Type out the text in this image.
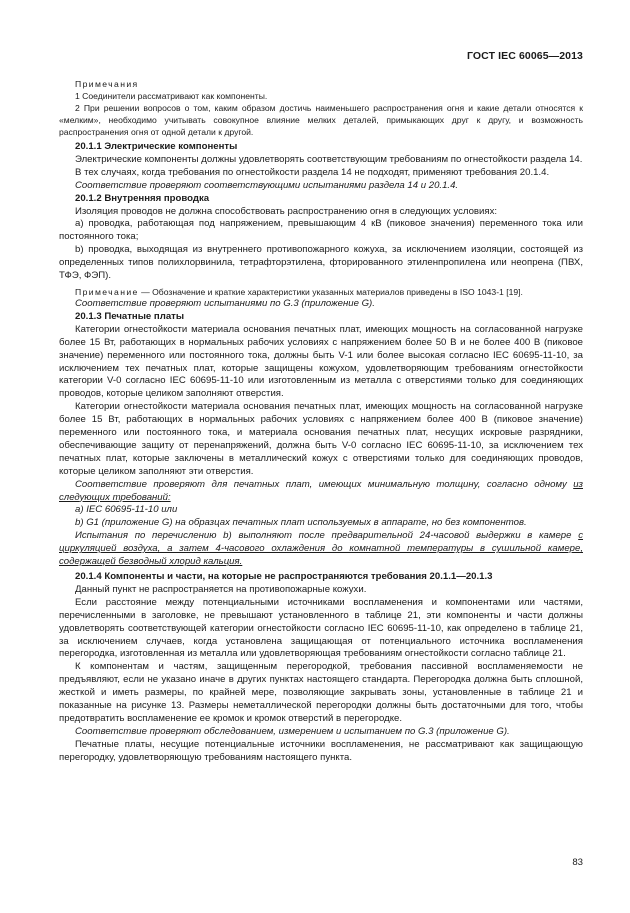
ГОСТ IEC 60065—2013

Примечания

1 Соединители рассматривают как компоненты.

2 При решении вопросов о том, каким образом достичь наименьшего распространения огня и какие детали относятся к «мелким», необходимо учитывать совокупное влияние мелких деталей, примыкающих друг к другу, и возможность распространения огня от одной детали к другой.

20.1.1 Электрические компоненты

Электрические компоненты должны удовлетворять соответствующим требованиям по огнестойкости раздела 14.

В тех случаях, когда требования по огнестойкости раздела 14 не подходят, применяют требования 20.1.4.

Соответствие проверяют соответствующими испытаниями раздела 14 и 20.1.4.

20.1.2 Внутренняя проводка

Изоляция проводов не должна способствовать распространению огня в следующих условиях:

a) проводка, работающая под напряжением, превышающим 4 кВ (пиковое значения) переменного тока или постоянного тока;

b) проводка, выходящая из внутреннего противопожарного кожуха, за исключением изоляции, состоящей из определенных типов полихлорвинила, тетрафторэтилена, фторированного этиленпропилена или неопрена (ПВХ, ТФЭ, ФЭП).

Примечание — Обозначение и краткие характеристики указанных материалов приведены в ISO 1043-1 [19].

Соответствие проверяют испытаниями по G.3 (приложение G).

20.1.3 Печатные платы

Категории огнестойкости материала основания печатных плат, имеющих мощность на согласованной нагрузке более 15 Вт, работающих в нормальных рабочих условиях с напряжением более 50 В и не более 400 В (пиковое значение) переменного или постоянного тока, должны быть V-1 или более высокая согласно IEC 60695-11-10, за исключением тех печатных плат, которые защищены кожухом, удовлетворяющим требованиям огнестойкости категории V-0 согласно IEC 60695-11-10 или изготовленным из металла с отверстиями только для соединяющих проводов, которые целиком заполняют отверстия.

Категории огнестойкости материала основания печатных плат, имеющих мощность на согласованной нагрузке более 15 Вт, работающих в нормальных рабочих условиях с напряжением более 400 В (пиковое значение) переменного или постоянного тока, и материала основания печатных плат, несущих искровые разрядники, обеспечивающие защиту от перенапряжений, должна быть V-0 согласно IEC 60695-11-10, за исключением тех печатных плат, которые заключены в металлический кожух с отверстиями только для соединяющих проводов, которые целиком заполняют эти отверстия.

Соответствие проверяют для печатных плат, имеющих минимальную толщину, согласно одному из следующих требований:

a) IEC 60695-11-10 или

b) G1 (приложение G) на образцах печатных плат используемых в аппарате, но без компонентов.

Испытания по перечислению b) выполняют после предварительной 24-часовой выдержки в камере с циркуляцией воздуха, а затем 4-часового охлаждения до комнатной температуры в сушильной камере, содержащей безводный хлорид кальция.

20.1.4 Компоненты и части, на которые не распространяются требования 20.1.1—20.1.3

Данный пункт не распространяется на противопожарные кожухи.

Если расстояние между потенциальными источниками воспламенения и компонентами или частями, перечисленными в заголовке, не превышают установленного в таблице 21, эти компоненты и части должны удовлетворять соответствующей категории огнестойкости согласно IEC 60695-11-10, как определено в таблице 21, за исключением случаев, когда установлена защищающая от потенциального источника воспламенения перегородка, изготовленная из металла или удовлетворяющая требованиям огнестойкости согласно таблице 21.

К компонентам и частям, защищенным перегородкой, требования пассивной воспламеняемости не предъявляют, если не указано иначе в других пунктах настоящего стандарта. Перегородка должна быть сплошной, жесткой и иметь размеры, по крайней мере, позволяющие закрывать зоны, установленные в таблице 21 и показанные на рисунке 13. Размеры неметаллической перегородки должны быть достаточными для того, чтобы предотвратить воспламенение ее кромок и кромок отверстий в перегородке.

Соответствие проверяют обследованием, измерением и испытанием по G.3 (приложение G).

Печатные платы, несущие потенциальные источники воспламенения, не рассматривают как защищающую перегородку, удовлетворяющую требованиям настоящего пункта.

83
